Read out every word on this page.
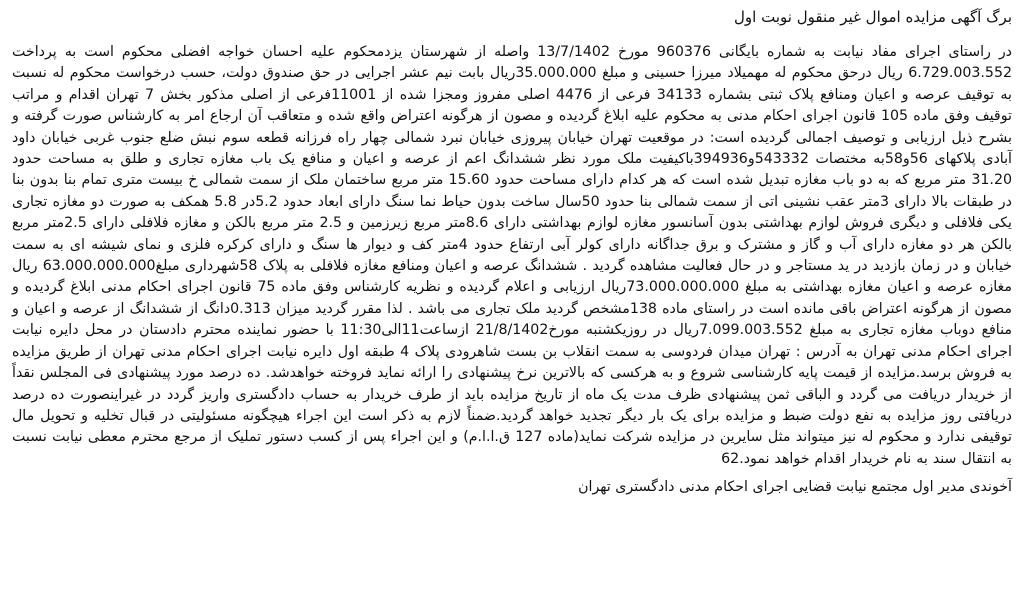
برگ آگهی مزایده اموال غیر منقول نوبت اول

در راستای اجرای مفاد نیابت به شماره بایگانی 960376 مورخ 13/7/1402 واصله از شهرستان یزدمحکوم علیه احسان خواجه افضلی محکوم است به پرداخت 6.729.003.552 ریال درحق محکوم له مهمیلاد میرزا حسینی و مبلغ 35.000.000ریال بابت نیم عشر اجرایی در حق صندوق دولت، حسب درخواست محکوم له نسبت به توقیف عرصه و اعیان ومنافع پلاک ثبتی بشماره 34133 فرعی از 4476 اصلی مفروز ومجزا شده از 11001فرعی از اصلی مذکور بخش 7 تهران اقدام و مراتب توقیف وفق ماده 105 قانون اجرای احکام مدنی به محکوم علیه ابلاغ گردیده و مصون از هرگونه اعتراض واقع شده و متعاقب آن ارجاع امر به کارشناس صورت گرفته و بشرح ذیل ارزیابی و توصیف اجمالی گردیده است: در موقعیت تهران خیابان پیروزی خیابان نبرد شمالی چهار راه فرزانه قطعه سوم نبش ضلع جنوب غربی خیابان داود آبادی پلاکهای 56و58به مختصات 543332و394936باکیفیت ملک مورد نظر ششدانگ اعم از عرصه و اعیان و منافع یک باب مغازه تجاری و طلق به مساحت حدود 31.20 متر مربع که به دو باب مغازه تبدیل شده است که هر کدام دارای مساحت حدود 15.60 متر مربع ساختمان ملک از سمت شمالی خ بیست متری تمام بنا بدون بنا در طبقات بالا دارای 3متر عقب نشینی اتی از سمت شمالی بنا حدود 50سال ساخت بدون حیاط نما سنگ دارای ابعاد حدود 5.2در 5.8 همکف به صورت دو مغازه تجاری یکی فلافلی و دیگری فروش لوازم بهداشتی بدون آسانسور مغازه لوازم بهداشتی دارای 8.6متر مربع زیرزمین و 2.5 متر مربع بالکن و مغازه فلافلی دارای 2.5متر مربع بالکن هر دو مغازه دارای آب و گاز و مشترک و برق جداگانه دارای کولر آبی ارتفاع حدود 4متر کف و دیوار ها سنگ و دارای کرکره فلزی و نمای شیشه ای به سمت خیابان و در زمان بازدید در ید مستاجر و در حال فعالیت مشاهده گردید . ششدانگ عرصه و اعیان ومنافع مغازه فلافلی به پلاک 58شهرداری مبلغ63.000.000.000 ریال مغازه عرصه و اعیان مغازه بهداشتی به مبلغ 73.000.000.000ریال ارزیابی و اعلام گردیده و نظریه کارشناس وفق ماده 75 قانون اجرای احکام مدنی ابلاغ گردیده و مصون از هرگونه اعتراض باقی مانده است در راستای ماده 138مشخص گردید ملک تجاری می باشد . لذا مقرر گردید میزان 0.313دانگ از ششدانگ از عرصه و اعیان و منافع دوباب مغازه تجاری به مبلغ 7.099.003.552ریال در روزیکشنبه مورخ21/8/1402 ازساعت11الی11:30 با حضور نماینده محترم دادستان در محل دایره نیابت اجرای احکام مدنی تهران به آدرس : تهران میدان فردوسی به سمت انقلاب بن بست شاهرودی پلاک 4 طبقه اول دایره نیابت اجرای احکام مدنی تهران از طریق مزایده به فروش برسد.مزایده از قیمت پایه کارشناسی شروع و به هرکسی که بالاترین نرخ پیشنهادی را ارائه نماید فروخته خواهدشد. ده درصد مورد پیشنهادی فی المجلس نقداً از خریدار دریافت می گردد و الباقی ثمن پیشنهادی ظرف مدت یک ماه از تاریخ مزایده باید از طرف خریدار به حساب دادگستری واریز گردد در غیراینصورت ده درصد دریافتی روز مزایده به نفع دولت ضبط و مزایده برای یک بار دیگر تجدید خواهد گردید.ضمناً لازم به ذکر است این اجراء هیچگونه مسئولیتی در قبال تخلیه و تحویل مال توقیفی ندارد و محکوم له نیز میتواند مثل سایرین در مزایده شرکت نماید(ماده 127 ق.ا.ا.م) و این اجراء پس از کسب دستور تملیک از مرجع محترم معطی نیابت نسبت به انتقال سند به نام خریدار اقدام خواهد نمود.62

آخوندی مدیر اول مجتمع نیابت قضایی اجرای احکام مدنی دادگستری تهران
